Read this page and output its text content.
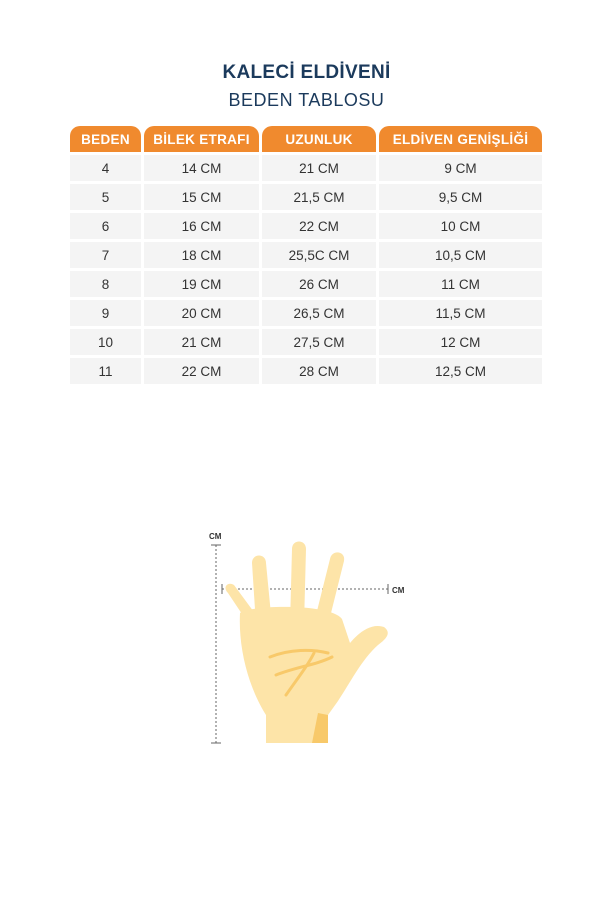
KALECİ ELDİVENİ
BEDEN TABLOSU
BEDEN	BİLEK ETRAFI	UZUNLUK	ELDİVEN GENİŞLİĞİ
4	14 CM	21 CM	9 CM
5	15 CM	21,5 CM	9,5 CM
6	16 CM	22 CM	10 CM
7	18 CM	25,5C CM	10,5 CM
8	19 CM	26 CM	11 CM
9	20 CM	26,5 CM	11,5 CM
10	21 CM	27,5 CM	12 CM
11	22 CM	28 CM	12,5 CM
CM
CM
